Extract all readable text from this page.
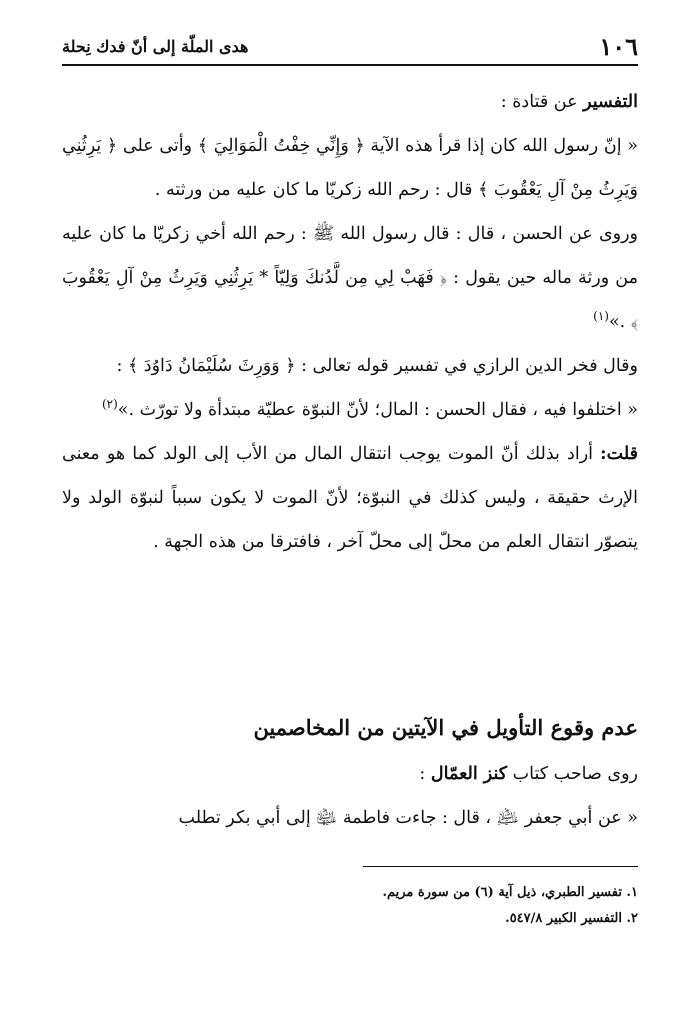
١٠٦
هدى الملّة إلى أنّ فدك نِحلة

التفسير عن قتادة :

« إنّ رسول الله كان إذا قرأ هذه الآية ﴿ وَإِنِّي خِفْتُ الْمَوَالِيَ ﴾ وأتى على ﴿ يَرِثُنِي وَيَرِثُ مِنْ آلِ يَعْقُوبَ ﴾ قال : رحم الله زكريّا ما كان عليه من ورثته .

وروى عن الحسن ، قال : قال رسول الله ﷺ : رحم الله أخي زكريّا ما كان عليه من ورثة ماله حين يقول : ﴿ فَهَبْ لِي مِن لَّدُنكَ وَلِيّاً * يَرِثُنِي وَيَرِثُ مِنْ آلِ يَعْقُوبَ ﴾ .»$^{(١)}$

وقال فخر الدين الرازي في تفسير قوله تعالى : ﴿ وَوَرِثَ سُلَيْمَانُ دَاوُدَ ﴾ :

« اختلفوا فيه ، فقال الحسن : المال؛ لأنّ النبوّة عطيّة مبتدأة ولا تورّث .»$^{(٢)}$

قلت: أراد بذلك أنّ الموت يوجب انتقال المال من الأب إلى الولد كما هو معنى الإرث حقيقة ، وليس كذلك في النبوّة؛ لأنّ الموت لا يكون سبباً لنبوّة الولد ولا يتصوّر انتقال العلم من محلّ إلى محلّ آخر ، فافترقا من هذه الجهة .

عدم وقوع التأويل في الآيتين من المخاصمين

روى صاحب كتاب كنز العمّال :

« عن أبي جعفر ﵇ ، قال : جاءت فاطمة ﵍ إلى أبي بكر تطلب

١. تفسير الطبري، ذيل آية (٦) من سورة مريم.

٢. التفسير الكبير ٥٤٧/٨.
